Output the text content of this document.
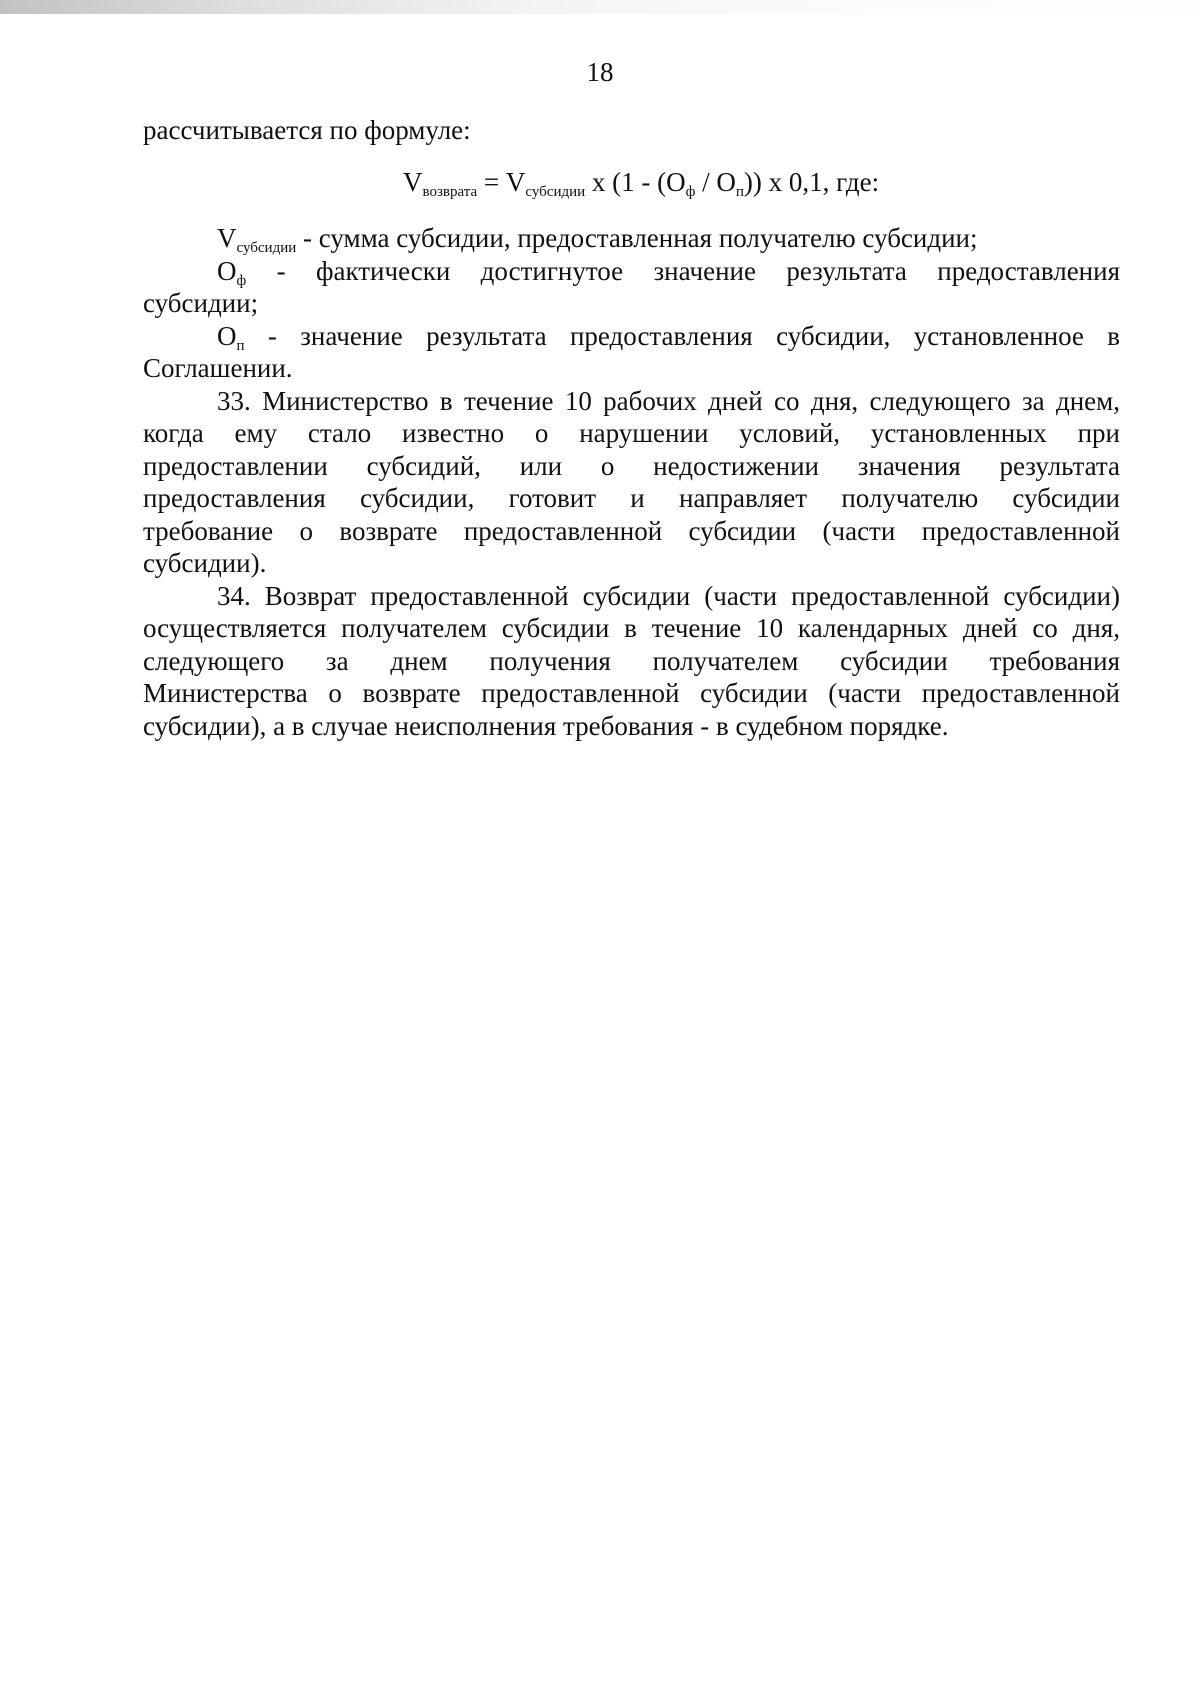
18
рассчитывается по формуле:
$V_{возврата} = V_{субсидии}$ x $(1 - (O_ф / O_п))$ x 0,1, где:
$V_{субсидии}$ - сумма субсидии, предоставленная получателю субсидии;
$O_ф$ - фактически достигнутое значение результата предоставления
субсидии;
$O_п$ - значение результата предоставления субсидии, установленное в
Соглашении.
33. Министерство в течение 10 рабочих дней со дня, следующего за днем,
когда ему стало известно о нарушении условий, установленных при
предоставлении субсидий, или о недостижении значения результата
предоставления субсидии, готовит и направляет получателю субсидии
требование о возврате предоставленной субсидии (части предоставленной
субсидии).
34. Возврат предоставленной субсидии (части предоставленной субсидии)
осуществляется получателем субсидии в течение 10 календарных дней со дня,
следующего за днем получения получателем субсидии требования
Министерства о возврате предоставленной субсидии (части предоставленной
субсидии), а в случае неисполнения требования - в судебном порядке.
